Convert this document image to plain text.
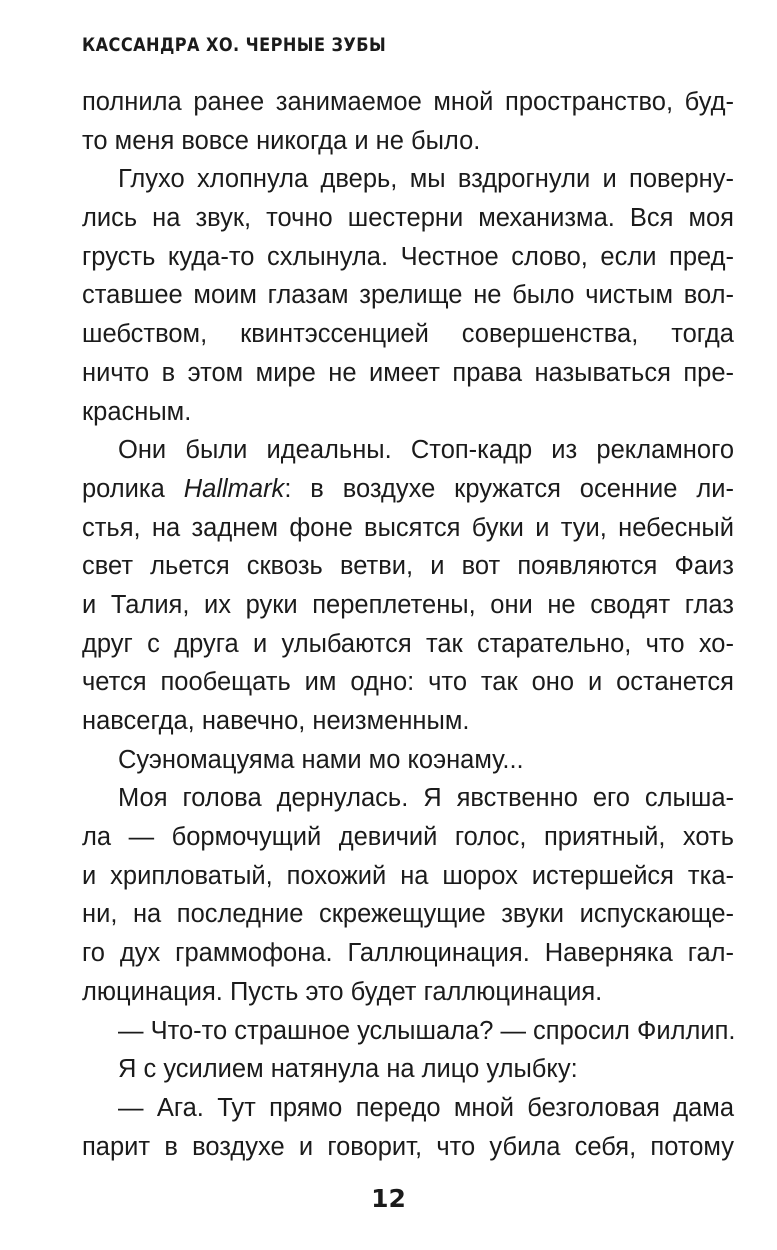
КАССАНДРА ХО. ЧЕРНЫЕ ЗУБЫ
полнила ранее занимаемое мной пространство, буд-
то меня вовсе никогда и не было.
Глухо хлопнула дверь, мы вздрогнули и поверну-
лись на звук, точно шестерни механизма. Вся моя
грусть куда-то схлынула. Честное слово, если пред-
ставшее моим глазам зрелище не было чистым вол-
шебством, квинтэссенцией совершенства, тогда
ничто в этом мире не имеет права называться пре-
красным.
Они были идеальны. Стоп-кадр из рекламного
ролика Hallmark: в воздухе кружатся осенние ли-
стья, на заднем фоне высятся буки и туи, небесный
свет льется сквозь ветви, и вот появляются Фаиз
и Талия, их руки переплетены, они не сводят глаз
друг с друга и улыбаются так старательно, что хо-
чется пообещать им одно: что так оно и останется
навсегда, навечно, неизменным.
Суэномацуяма нами мо коэнаму...
Моя голова дернулась. Я явственно его слыша-
ла — бормочущий девичий голос, приятный, хоть
и хрипловатый, похожий на шорох истершейся тка-
ни, на последние скрежещущие звуки испускающе-
го дух граммофона. Галлюцинация. Наверняка гал-
люцинация. Пусть это будет галлюцинация.
— Что-то страшное услышала? — спросил Филлип.
Я с усилием натянула на лицо улыбку:
— Ага. Тут прямо передо мной безголовая дама
парит в воздухе и говорит, что убила себя, потому
12
